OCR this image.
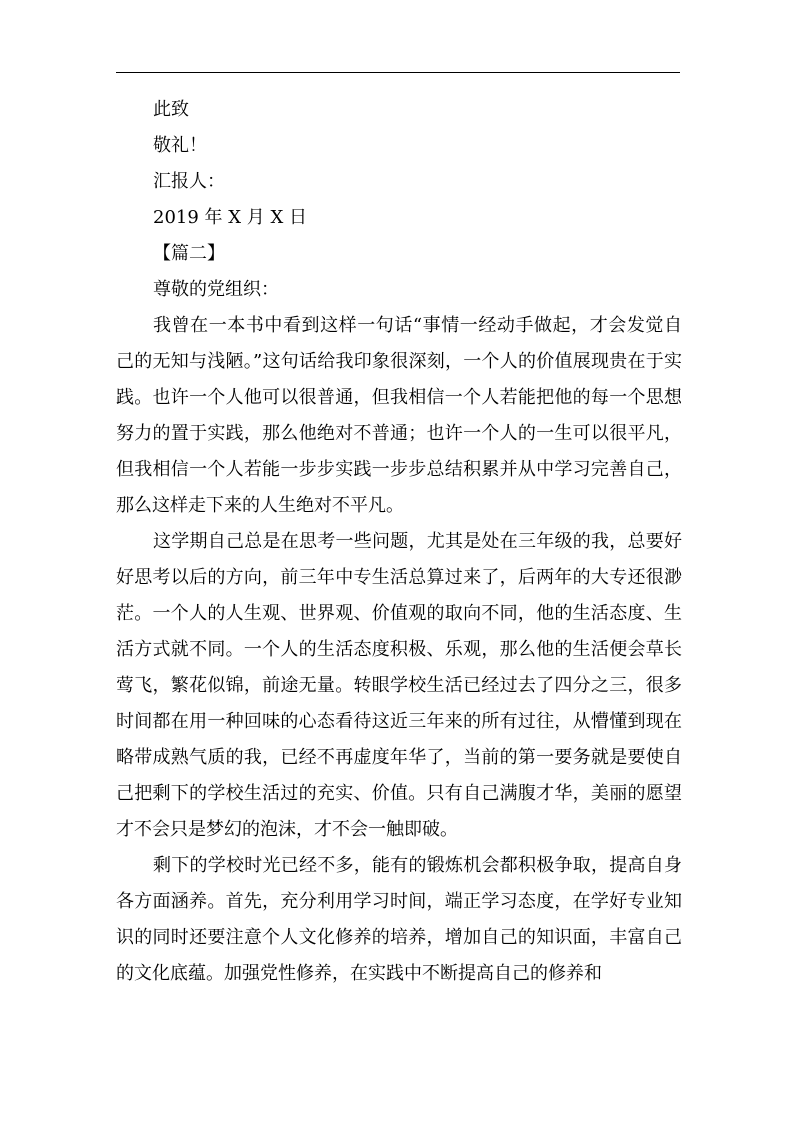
此致
敬礼！
汇报人：
2019 年 X 月 X 日
【篇二】
尊敬的党组织：

我曾在一本书中看到这样一句话“事情一经动手做起，才会发觉自己的无知与浅陋。”这句话给我印象很深刻，一个人的价值展现贵在于实践。也许一个人他可以很普通，但我相信一个人若能把他的每一个思想努力的置于实践，那么他绝对不普通；也许一个人的一生可以很平凡，但我相信一个人若能一步步实践一步步总结积累并从中学习完善自己，那么这样走下来的人生绝对不平凡。

这学期自己总是在思考一些问题，尤其是处在三年级的我，总要好好思考以后的方向，前三年中专生活总算过来了，后两年的大专还很渺茫。一个人的人生观、世界观、价值观的取向不同，他的生活态度、生活方式就不同。一个人的生活态度积极、乐观，那么他的生活便会草长莺飞，繁花似锦，前途无量。转眼学校生活已经过去了四分之三，很多时间都在用一种回味的心态看待这近三年来的所有过往，从懵懂到现在略带成熟气质的我，已经不再虚度年华了，当前的第一要务就是要使自己把剩下的学校生活过的充实、价值。只有自己满腹才华，美丽的愿望才不会只是梦幻的泡沫，才不会一触即破。

剩下的学校时光已经不多，能有的锻炼机会都积极争取，提高自身各方面涵养。首先，充分利用学习时间，端正学习态度，在学好专业知识的同时还要注意个人文化修养的培养，增加自己的知识面，丰富自己的文化底蕴。加强党性修养，在实践中不断提高自己的修养和
